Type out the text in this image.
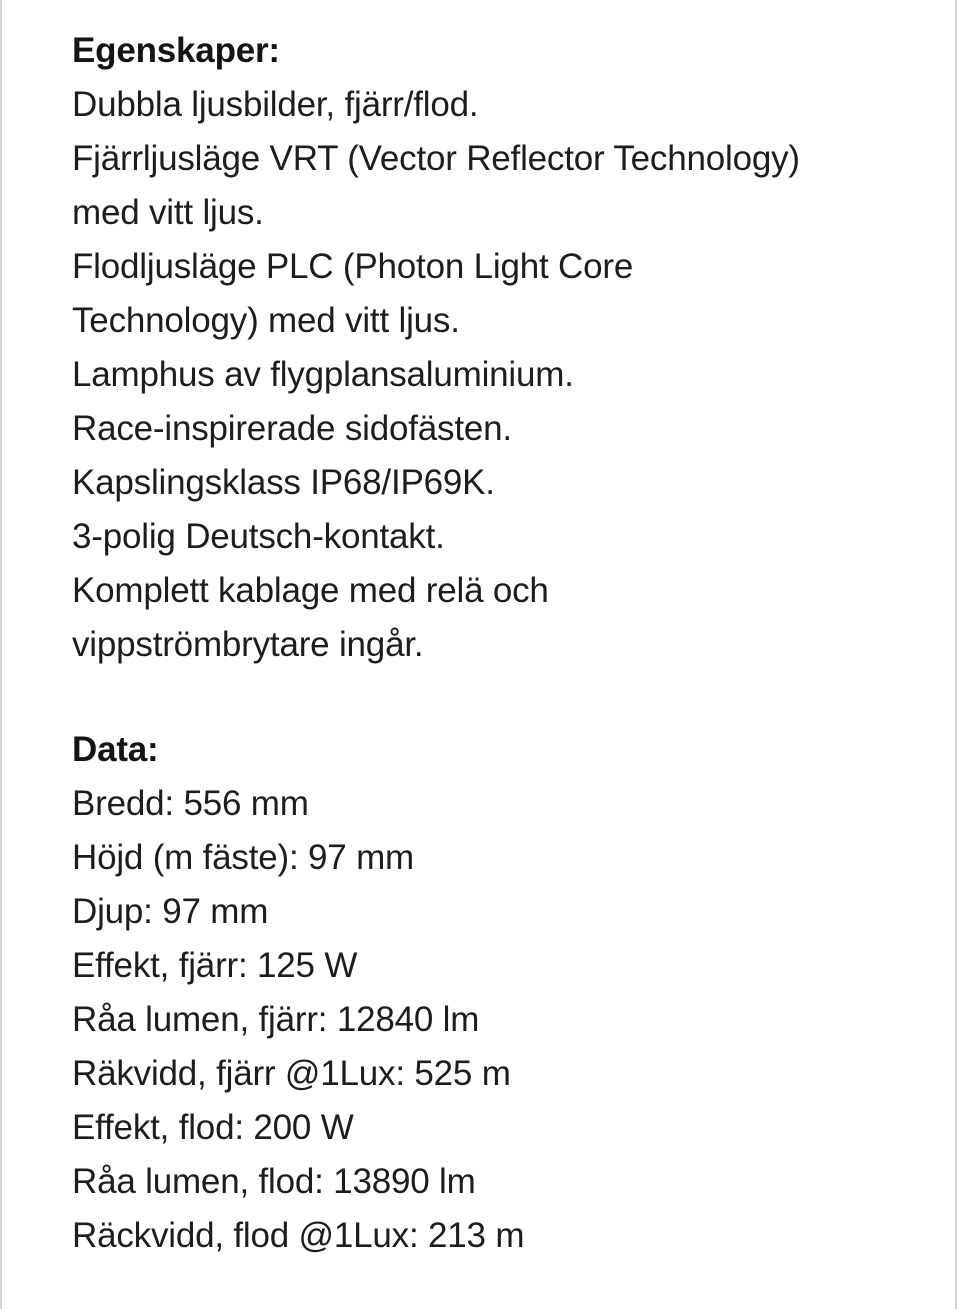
Egenskaper:
Dubbla ljusbilder, fjärr/flod.
Fjärrljusläge VRT (Vector Reflector Technology)
med vitt ljus.
Flodljusläge PLC (Photon Light Core
Technology) med vitt ljus.
Lamphus av flygplansaluminium.
Race-inspirerade sidofästen.
Kapslingsklass IP68/IP69K.
3-polig Deutsch-kontakt.
Komplett kablage med relä och
vippströmbrytare ingår.
Data:
Bredd: 556 mm
Höjd (m fäste): 97 mm
Djup: 97 mm
Effekt, fjärr: 125 W
Råa lumen, fjärr: 12840 lm
Räkvidd, fjärr @1Lux: 525 m
Effekt, flod: 200 W
Råa lumen, flod: 13890 lm
Räckvidd, flod @1Lux: 213 m
